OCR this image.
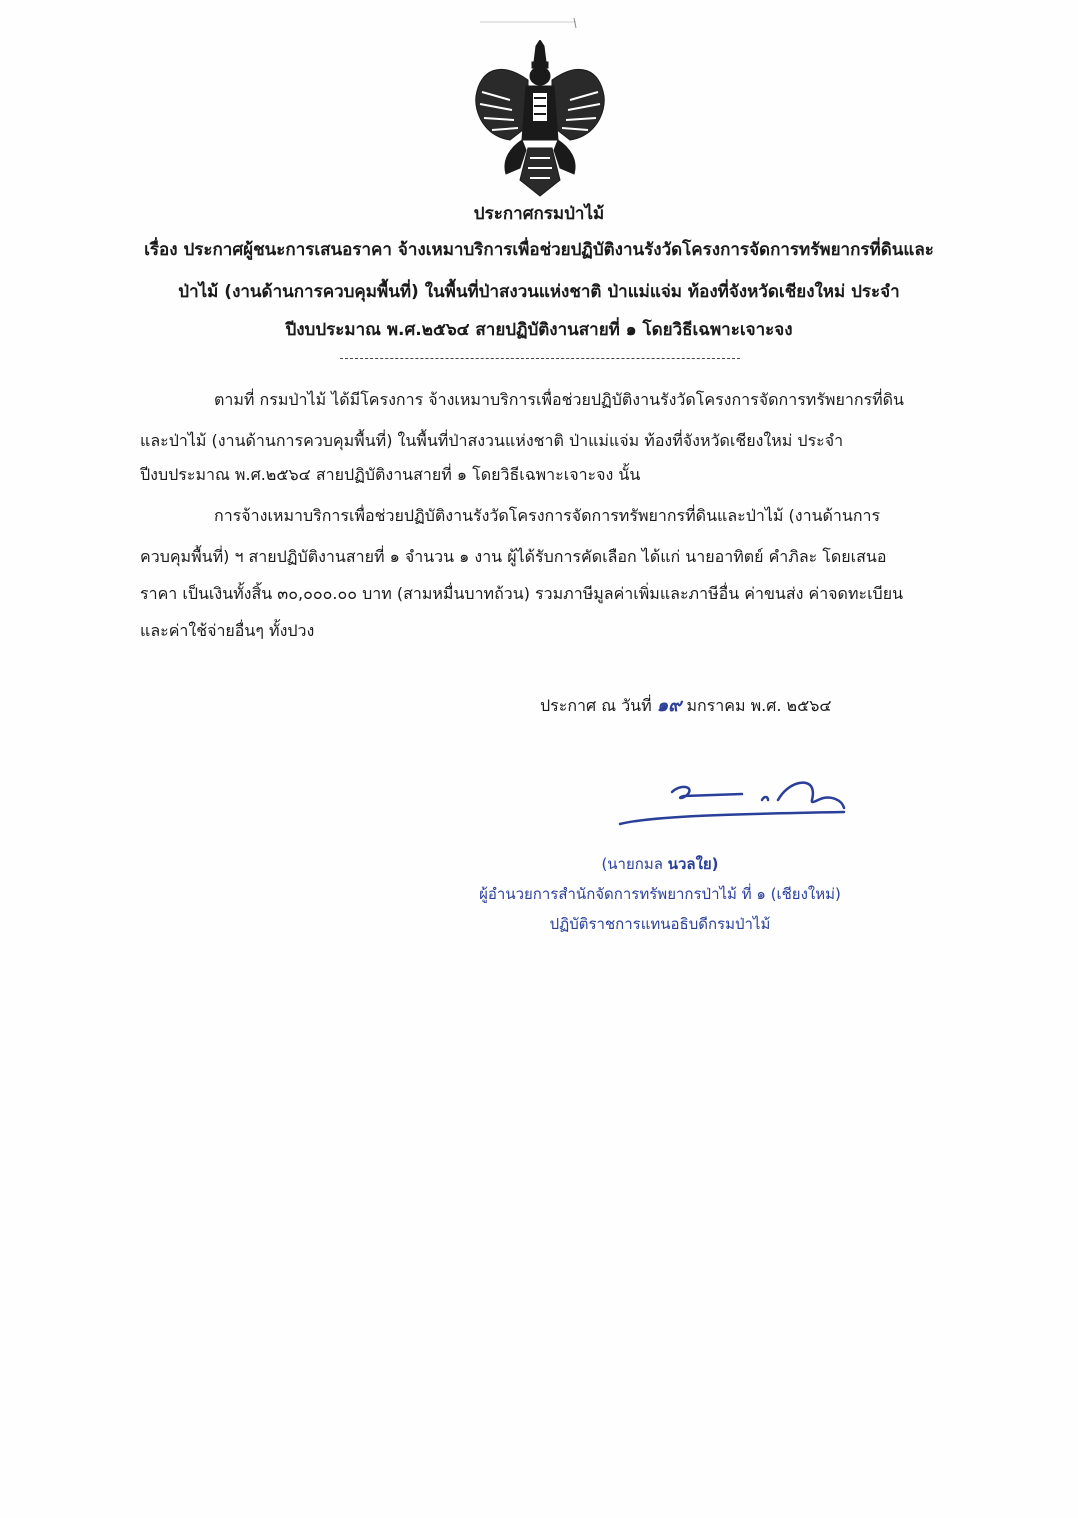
ประกาศกรมป่าไม้
เรื่อง ประกาศผู้ชนะการเสนอราคา จ้างเหมาบริการเพื่อช่วยปฏิบัติงานรังวัดโครงการจัดการทรัพยากรที่ดินและ
ป่าไม้ (งานด้านการควบคุมพื้นที่) ในพื้นที่ป่าสงวนแห่งชาติ ป่าแม่แจ่ม ท้องที่จังหวัดเชียงใหม่ ประจำ
ปีงบประมาณ พ.ศ.๒๕๖๔ สายปฏิบัติงานสายที่ ๑ โดยวิธีเฉพาะเจาะจง
ตามที่ กรมป่าไม้ ได้มีโครงการ จ้างเหมาบริการเพื่อช่วยปฏิบัติงานรังวัดโครงการจัดการทรัพยากรที่ดิน
และป่าไม้ (งานด้านการควบคุมพื้นที่) ในพื้นที่ป่าสงวนแห่งชาติ ป่าแม่แจ่ม ท้องที่จังหวัดเชียงใหม่ ประจำ
ปีงบประมาณ พ.ศ.๒๕๖๔ สายปฏิบัติงานสายที่ ๑ โดยวิธีเฉพาะเจาะจง นั้น
การจ้างเหมาบริการเพื่อช่วยปฏิบัติงานรังวัดโครงการจัดการทรัพยากรที่ดินและป่าไม้ (งานด้านการ
ควบคุมพื้นที่) ฯ สายปฏิบัติงานสายที่ ๑ จำนวน ๑ งาน ผู้ได้รับการคัดเลือก ได้แก่ นายอาทิตย์ คำภิละ โดยเสนอ
ราคา เป็นเงินทั้งสิ้น ๓๐,๐๐๐.๐๐ บาท (สามหมื่นบาทถ้วน) รวมภาษีมูลค่าเพิ่มและภาษีอื่น ค่าขนส่ง ค่าจดทะเบียน
และค่าใช้จ่ายอื่นๆ ทั้งปวง
ประกาศ ณ วันที่ ๑๙ มกราคม พ.ศ. ๒๕๖๔
(นายกมล นวลใย)
ผู้อำนวยการสำนักจัดการทรัพยากรป่าไม้ ที่ ๑ (เชียงใหม่)
ปฏิบัติราชการแทนอธิบดีกรมป่าไม้
